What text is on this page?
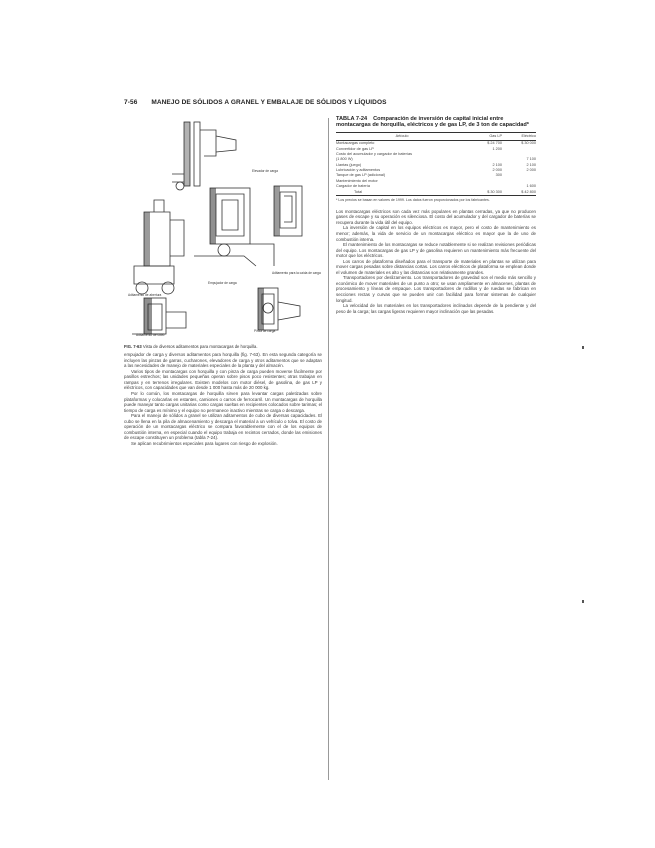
7-56 MANEJO DE SÓLIDOS A GRANEL Y EMBALAJE DE SÓLIDOS Y LÍQUIDOS
Elevador de carga
Aditamento para la caída de carga
Aditamento de abertura
Empujador de carga
Aditamento de cubo
Pinza de carga
FIG. 7-63 Vista de diversos aditamentos para montacargas de horquilla.

empujador de carga y diversos aditamentos para horquilla (fig. 7-63). En esta segunda categoría se incluyen las pinzas de garras, cucharones, elevadores de carga y otros aditamentos que se adaptan a las necesidades de manejo de materiales especiales de la planta y del almacén.

Varios tipos de montacargas con horquilla y con pinza de carga pueden moverse fácilmente por pasillos estrechos; las unidades pequeñas operan sobre pisos poco resistentes; otras trabajan en rampas y en terrenos irregulares. Existen modelos con motor diésel, de gasolina, de gas LP y eléctricos, con capacidades que van desde 1 000 hasta más de 20 000 kg.

Por lo común, los montacargas de horquilla sirven para levantar cargas paletizadas sobre plataformas y colocarlas en estantes, camiones o carros de ferrocarril. Un montacargas de horquilla puede manejar tanto cargas unitarias como cargas sueltas en recipientes colocados sobre tarimas; el tiempo de carga es mínimo y el equipo no permanece inactivo mientras se carga o descarga.

Para el manejo de sólidos a granel se utilizan aditamentos de cubo de diversas capacidades. El cubo se llena en la pila de almacenamiento y descarga el material a un vehículo o tolva. El costo de operación de un montacargas eléctrico se compara favorablemente con el de los equipos de combustión interna, en especial cuando el equipo trabaja en recintos cerrados, donde las emisiones de escape constituyen un problema (tabla 7-24).

Se aplican recubrimientos especiales para lugares con riesgo de explosión.

TABLA 7-24 Comparación de inversión de capital inicial entre montacargas de horquilla, eléctricos y de gas LP, de 3 ton de capacidad*
Artículo	Gas LP	Eléctrico
Montacargas completo	$ 24 700	$ 30 000
Convertidor de gas LP	1 200	
Costo del acumulador y cargador de baterías		
(1 800 W)		7 100
Llantas (juego)	2 100	2 100
Lubricación y aditamentos	2 000	2 000
Tanque de gas LP (adicional)	300	
Mantenimiento del motor		
Cargador de batería		1 600
Total	$ 30 300	$ 42 800
* Los precios se basan en valores de 1999. Los datos fueron proporcionados por los fabricantes.

Los montacargas eléctricos son cada vez más populares en plantas cerradas, ya que no producen gases de escape y su operación es silenciosa. El costo del acumulador y del cargador de baterías se recupera durante la vida útil del equipo.

La inversión de capital en los equipos eléctricos es mayor, pero el costo de mantenimiento es menor; además, la vida de servicio de un montacargas eléctrico es mayor que la de uno de combustión interna.

El mantenimiento de los montacargas se reduce notablemente si se realizan revisiones periódicas del equipo. Los montacargas de gas LP y de gasolina requieren un mantenimiento más frecuente del motor que los eléctricos.

Los carros de plataforma diseñados para el transporte de materiales en plantas se utilizan para mover cargas pesadas sobre distancias cortas. Los carros eléctricos de plataforma se emplean donde el volumen de materiales es alto y las distancias son relativamente grandes.

Transportadores por deslizamiento. Los transportadores de gravedad son el medio más sencillo y económico de mover materiales de un punto a otro; se usan ampliamente en almacenes, plantas de procesamiento y líneas de empaque. Los transportadores de rodillos y de ruedas se fabrican en secciones rectas y curvas que se pueden unir con facilidad para formar sistemas de cualquier longitud.

La velocidad de los materiales en los transportadores inclinados depende de la pendiente y del peso de la carga; las cargas ligeras requieren mayor inclinación que las pesadas.
